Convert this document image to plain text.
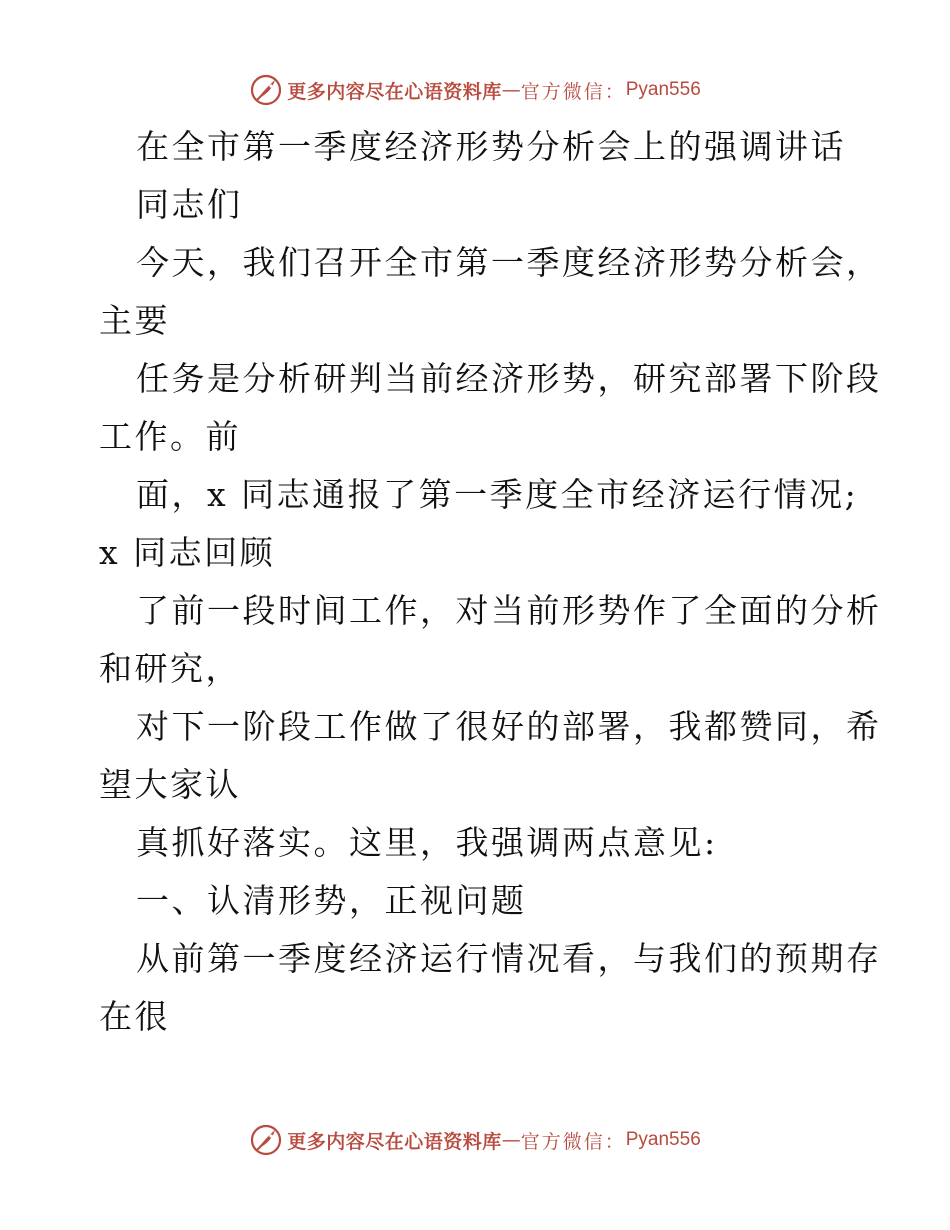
更多内容尽在心语资料库 — 官方微信： Pyan556
在全市第一季度经济形势分析会上的强调讲话
同志们
今天，我们召开全市第一季度经济形势分析会，
主要
任务是分析研判当前经济形势，研究部署下阶段
工作。前
面，x 同志通报了第一季度全市经济运行情况;
x 同志回顾
了前一段时间工作，对当前形势作了全面的分析
和研究，
对下一阶段工作做了很好的部署，我都赞同，希
望大家认
真抓好落实。这里，我强调两点意见:
一、认清形势，正视问题
从前第一季度经济运行情况看，与我们的预期存
在很
更多内容尽在心语资料库 — 官方微信： Pyan556
